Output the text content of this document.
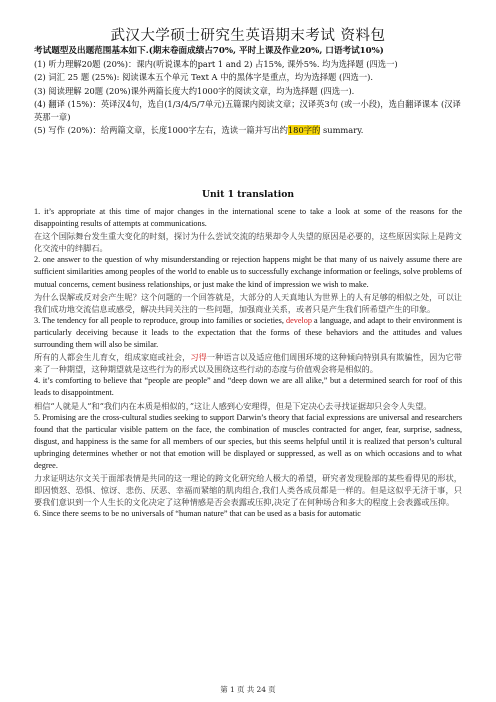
武汉大学硕士研究生英语期末考试 资料包

考试题型及出题范围基本如下.(期末卷面成绩占70%, 平时上课及作业20%, 口语考试10%)

(1) 听力理解20题 (20%)：课内(听说课本的part 1 and 2) 占15%, 课外5%. 均为选择题 (四选一)

(2) 词汇 25 题 (25%): 阅读课本五个单元 Text A 中的黑体字是重点，均为选择题 (四选一).

(3) 阅读理解 20题 (20%)课外两篇长度大约1000字的阅读文章，均为选择题 (四选一).

(4) 翻译 (15%)：英译汉4句，选自(1/3/4/5/7单元)五篇课内阅读文章；汉译英3句 (或一小段)，选自翻译课本 (汉译英那一章)

(5) 写作 (20%)：给两篇文章，长度1000字左右，选读一篇并写出约180字的 summary.

Unit 1 translation

1. it’s appropriate at this time of major changes in the international scene to take a look at some of the reasons for the disappointing results of attempts at communications.

在这个国际舞台发生重大变化的时刻，探讨为什么尝试交流的结果却令人失望的原因是必要的，这些原因实际上是跨文化交流中的绊脚石。

2. one answer to the question of why misunderstanding or rejection happens might be that many of us naively assume there are sufficient similarities among peoples of the world to enable us to successfully exchange information or feelings, solve problems of mutual concerns, cement business relationships, or just make the kind of impression we wish to make.

为什么误解或反对会产生呢？这个问题的一个回答就是，大部分的人天真地认为世界上的人有足够的相似之处，可以让我们成功地交流信息或感受，解决共同关注的一些问题，加强商业关系，或者只是产生我们所希望产生的印象。

3. The tendency for all people to reproduce, group into families or societies, develop a language, and adapt to their environment is particularly deceiving because it leads to the expectation that the forms of these behaviors and the attitudes and values surrounding them will also be similar.

所有的人都会生儿育女，组成家庭或社会，习得一种语言以及适应他们周围环境的这种倾向特别具有欺骗性，因为它带来了一种期望，这种期望就是这些行为的形式以及围绕这些行动的态度与价值观会将是相似的。

4. it’s comforting to believe that “people are people” and “deep down we are all alike,” but a determined search for roof of this leads to disappointment.

相信“人就是人”和“我们内在本质是相似的，”这让人感到心安理得，但是下定决心去寻找证据却只会令人失望。

5. Promising are the cross-cultural studies seeking to support Darwin’s theory that facial expressions are universal and researchers found that the particular visible pattern on the face, the combination of muscles contracted for anger, fear, surprise, sadness, disgust, and happiness is the same for all members of our species, but this seems helpful until it is realized that person’s cultural upbringing determines whether or not that emotion will be displayed or suppressed, as well as on which occasions and to what degree.

力求证明达尔文关于面部表情是共同的这一理论的跨文化研究给人极大的希望，研究者发现脸部的某些看得见的形状，即因愤怒、恐惧、惊讶、悲伤、厌恶、幸福而紧缩的肌肉组合,我们人类各成员都是一样的。但是这似乎无济于事，只要我们意识到一个人生长的文化决定了这种情感是否会表露或压抑,决定了在何种场合和多大的程度上会表露或压抑。

6. Since there seems to be no universals of “human nature” that can be used as a basis for automatic

第 1 页 共 24 页
